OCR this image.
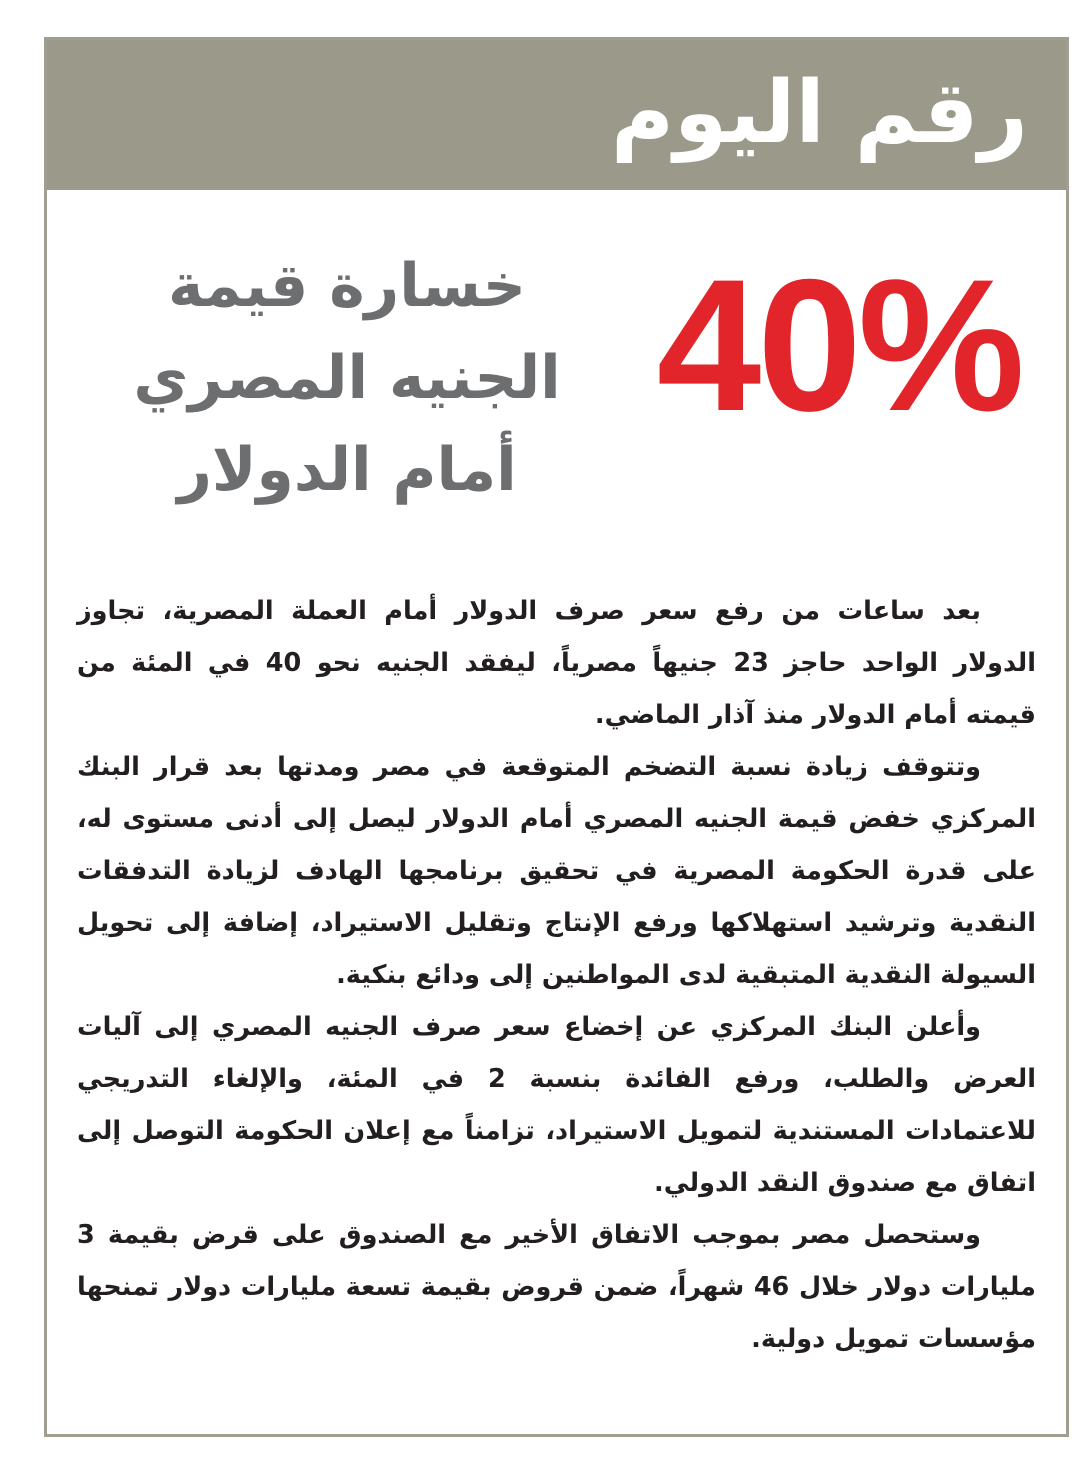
رقم اليوم
40%
خسارة قيمة
الجنيه المصري
أمام الدولار

بعد ساعات من رفع سعر صرف الدولار أمام العملة المصرية، تجاوز الدولار الواحد حاجز 23 جنيهاً مصرياً، ليفقد الجنيه نحو 40 في المئة من قيمته أمام الدولار منذ آذار الماضي.

وتتوقف زيادة نسبة التضخم المتوقعة في مصر ومدتها بعد قرار البنك المركزي خفض قيمة الجنيه المصري أمام الدولار ليصل إلى أدنى مستوى له، على قدرة الحكومة المصرية في تحقيق برنامجها الهادف لزيادة التدفقات النقدية وترشيد استهلاكها ورفع الإنتاج وتقليل الاستيراد، إضافة إلى تحويل السيولة النقدية المتبقية لدى المواطنين إلى ودائع بنكية.

وأعلن البنك المركزي عن إخضاع سعر صرف الجنيه المصري إلى آليات العرض والطلب، ورفع الفائدة بنسبة 2 في المئة، والإلغاء التدريجي للاعتمادات المستندية لتمويل الاستيراد، تزامناً مع إعلان الحكومة التوصل إلى اتفاق مع صندوق النقد الدولي.

وستحصل مصر بموجب الاتفاق الأخير مع الصندوق على قرض بقيمة 3 مليارات دولار خلال 46 شهراً، ضمن قروض بقيمة تسعة مليارات دولار تمنحها مؤسسات تمويل دولية.
